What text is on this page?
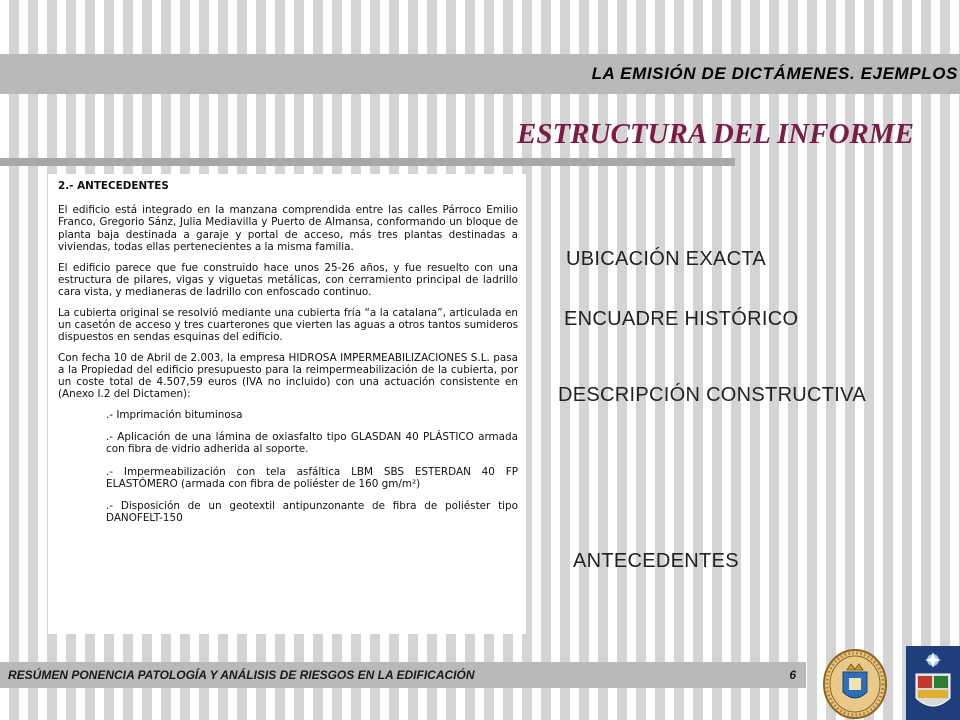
LA EMISIÓN DE DICTÁMENES. EJEMPLOS
ESTRUCTURA DEL INFORME
2.- ANTECEDENTES

El edificio está integrado en la manzana comprendida entre las calles Párroco Emilio Franco, Gregorio Sánz, Julia Mediavilla y Puerto de Almansa, conformando un bloque de planta baja destinada a garaje y portal de acceso, más tres plantas destinadas a viviendas, todas ellas pertenecientes a la misma familia.

El edificio parece que fue construido hace unos 25-26 años, y fue resuelto con una estructura de pilares, vigas y viguetas metálicas, con cerramiento principal de ladrillo cara vista, y medianeras de ladrillo con enfoscado continuo.

La cubierta original se resolvió mediante una cubierta fría “a la catalana”, articulada en un casetón de acceso y tres cuarterones que vierten las aguas a otros tantos sumideros dispuestos en sendas esquinas del edificio.

Con fecha 10 de Abril de 2.003, la empresa HIDROSA IMPERMEABILIZACIONES S.L. pasa a la Propiedad del edificio presupuesto para la reimpermeabilización de la cubierta, por un coste total de 4.507,59 euros (IVA no incluido) con una actuación consistente en (Anexo I.2 del Dictamen):

.- Imprimación bituminosa
.- Aplicación de una lámina de oxiasfalto tipo GLASDAN 40 PLÁSTICO armada con fibra de vidrio adherida al soporte.
.- Impermeabilización con tela asfáltica LBM SBS ESTERDAN 40 FP ELASTÓMERO (armada con fibra de poliéster de 160 gm/m²)
.- Disposición de un geotextil antipunzonante de fibra de poliéster tipo DANOFELT-150
UBICACIÓN EXACTA
ENCUADRE HISTÓRICO
DESCRIPCIÓN CONSTRUCTIVA
ANTECEDENTES
RESÚMEN PONENCIA PATOLOGÍA Y ANÁLISIS DE RIESGOS EN LA EDIFICACIÓN	6
